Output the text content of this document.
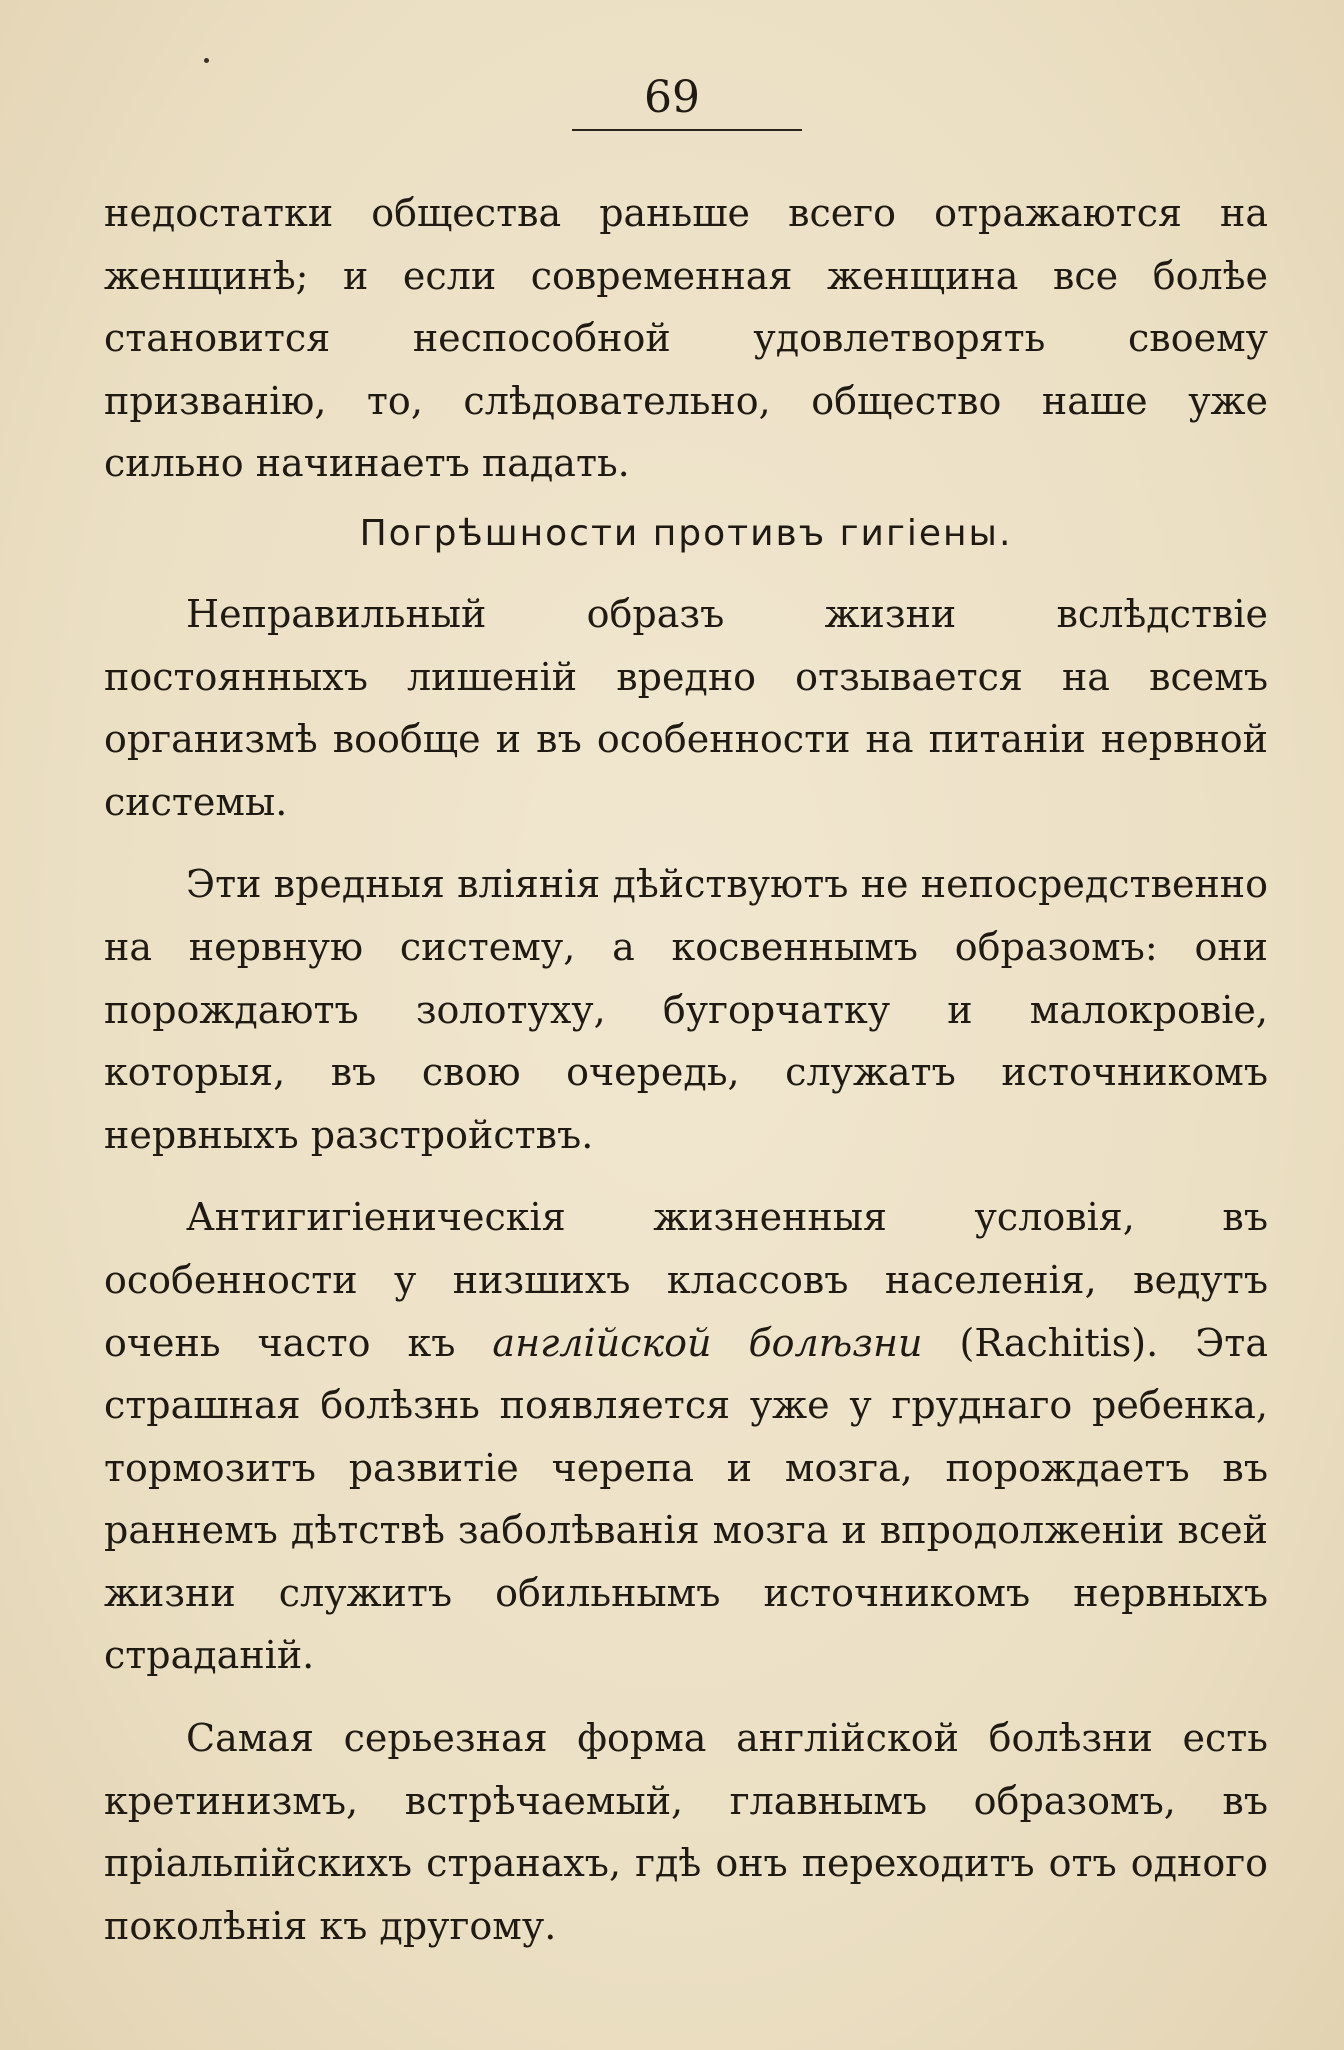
69

недостатки общества раньше всего отражаются на женщинѣ; и если современная женщина все болѣе становится неспособной удовлетворять своему призванію, то, слѣдовательно, общество наше уже сильно начинаетъ падать.

Погрѣшности противъ гигіены.

Неправильный образъ жизни вслѣдствіе постоянныхъ лишеній вредно отзывается на всемъ организмѣ вообще и въ особенности на питаніи нервной системы.

Эти вредныя вліянія дѣйствуютъ не непосредственно на нервную систему, а косвеннымъ образомъ: они порождаютъ золотуху, бугорчатку и малокровіе, которыя, въ свою очередь, служатъ источникомъ нервныхъ разстройствъ.

Антигигіеническія жизненныя условія, въ особенности у низшихъ классовъ населенія, ведутъ очень часто къ англійской болѣзни (Rachitis). Эта страшная болѣзнь появляется уже у груднаго ребенка, тормозитъ развитіе черепа и мозга, порождаетъ въ раннемъ дѣтствѣ заболѣванія мозга и впродолженіи всей жизни служитъ обильнымъ источникомъ нервныхъ страданій.

Самая серьезная форма англійской болѣзни есть кретинизмъ, встрѣчаемый, главнымъ образомъ, въ пріальпійскихъ странахъ, гдѣ онъ переходитъ отъ одного поколѣнія къ другому.
